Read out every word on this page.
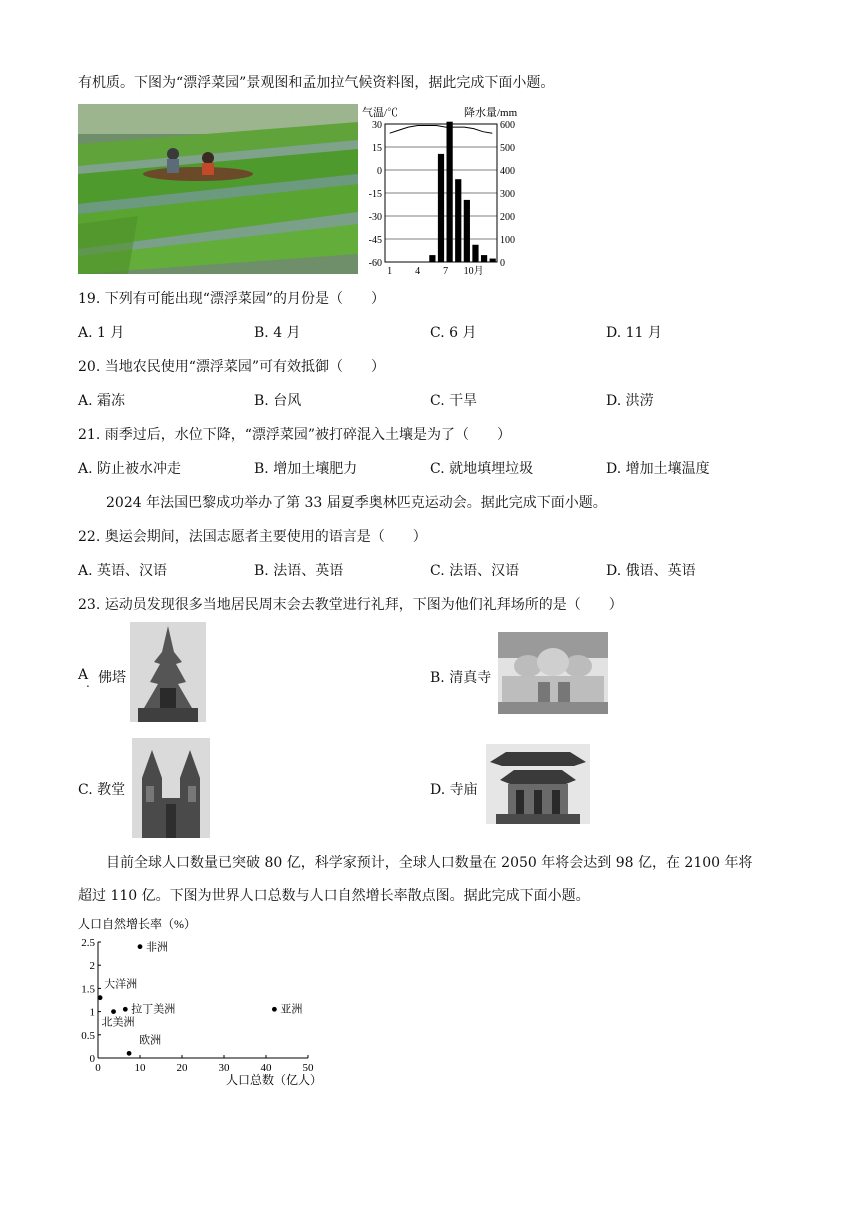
有机质。下图为“漂浮菜园”景观图和孟加拉气候资料图，据此完成下面小题。
气温/℃	降水量/mm
30
15
0
-15
-30
-45
-60
600
500
400
300
200
100
0
1 4 7 10月
19. 下列有可能出现“漂浮菜园”的月份是（　　）
A. 1 月	B. 4 月	C. 6 月	D. 11 月
20. 当地农民使用“漂浮菜园”可有效抵御（　　）
A. 霜冻	B. 台风	C. 干旱	D. 洪涝
21. 雨季过后，水位下降，“漂浮菜园”被打碎混入土壤是为了（　　）
A. 防止被水冲走	B. 增加土壤肥力	C. 就地填埋垃圾	D. 增加土壤温度
2024 年法国巴黎成功举办了第 33 届夏季奥林匹克运动会。据此完成下面小题。
22. 奥运会期间，法国志愿者主要使用的语言是（　　）
A. 英语、汉语	B. 法语、英语	C. 法语、汉语	D. 俄语、英语
23. 运动员发现很多当地居民周末会去教堂进行礼拜，下图为他们礼拜场所的是（　　）
A
. 佛塔	B. 清真寺
C. 教堂	D. 寺庙
目前全球人口数量已突破 80 亿，科学家预计，全球人口数量在 2050 年将会达到 98 亿，在 2100 年将
超过 110 亿。下图为世界人口总数与人口自然增长率散点图。据此完成下面小题。
人口自然增长率（%）
人口总数（亿人）
2.5
2
1.5
1
0.5
0
0	10	20	30	40	50
非洲
大洋洲
拉丁美洲
北美洲
亚洲
欧洲
